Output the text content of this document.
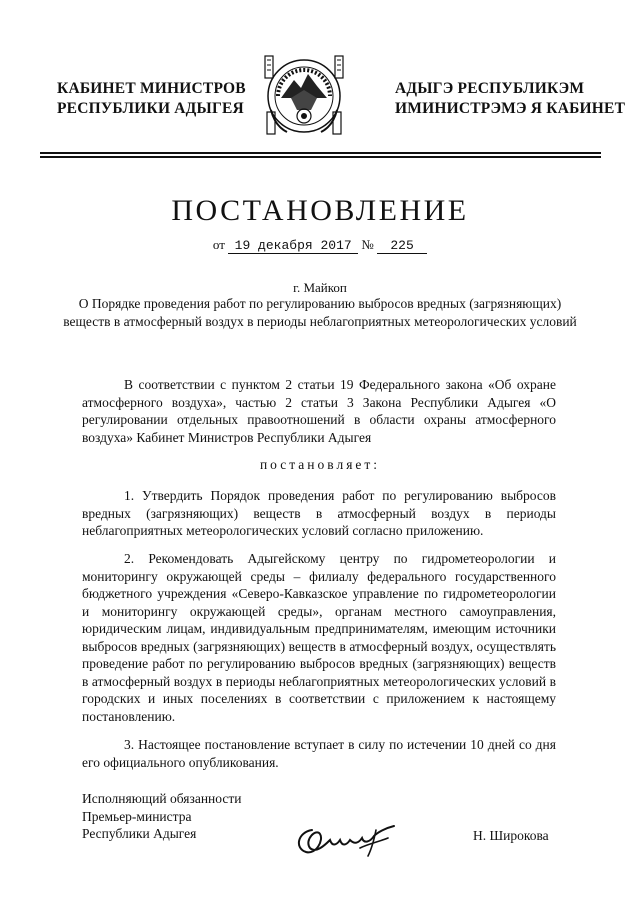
КАБИНЕТ МИНИСТРОВ
РЕСПУБЛИКИ АДЫГЕЯ
АДЫГЭ РЕСПУБЛИКЭМ
ИМИНИСТРЭМЭ Я КАБИНЕТ
ПОСТАНОВЛЕНИЕ
от 19 декабря 2017 № 225
г. Майкоп
О Порядке проведения работ по регулированию выбросов вредных (загрязняющих) веществ в атмосферный воздух в периоды неблагоприятных метеорологических условий
В соответствии с пунктом 2 статьи 19 Федерального закона «Об охране атмосферного воздуха», частью 2 статьи 3 Закона Республики Адыгея «О регулировании отдельных правоотношений в области охраны атмосферного воздуха» Кабинет Министров Республики Адыгея
постановляет:
1. Утвердить Порядок проведения работ по регулированию выбросов вредных (загрязняющих) веществ в атмосферный воздух в периоды неблагоприятных метеорологических условий согласно приложению.
2. Рекомендовать Адыгейскому центру по гидрометеорологии и мониторингу окружающей среды – филиалу федерального государственного бюджетного учреждения «Северо-Кавказское управление по гидрометеорологии и мониторингу окружающей среды», органам местного самоуправления, юридическим лицам, индивидуальным предпринимателям, имеющим источники выбросов вредных (загрязняющих) веществ в атмосферный воздух, осуществлять проведение работ по регулированию выбросов вредных (загрязняющих) веществ в атмосферный воздух в периоды неблагоприятных метеорологических условий в городских и иных поселениях в соответствии с приложением к настоящему постановлению.
3. Настоящее постановление вступает в силу по истечении 10 дней со дня его официального опубликования.
Исполняющий обязанности
Премьер-министра
Республики Адыгея	Н. Широкова
